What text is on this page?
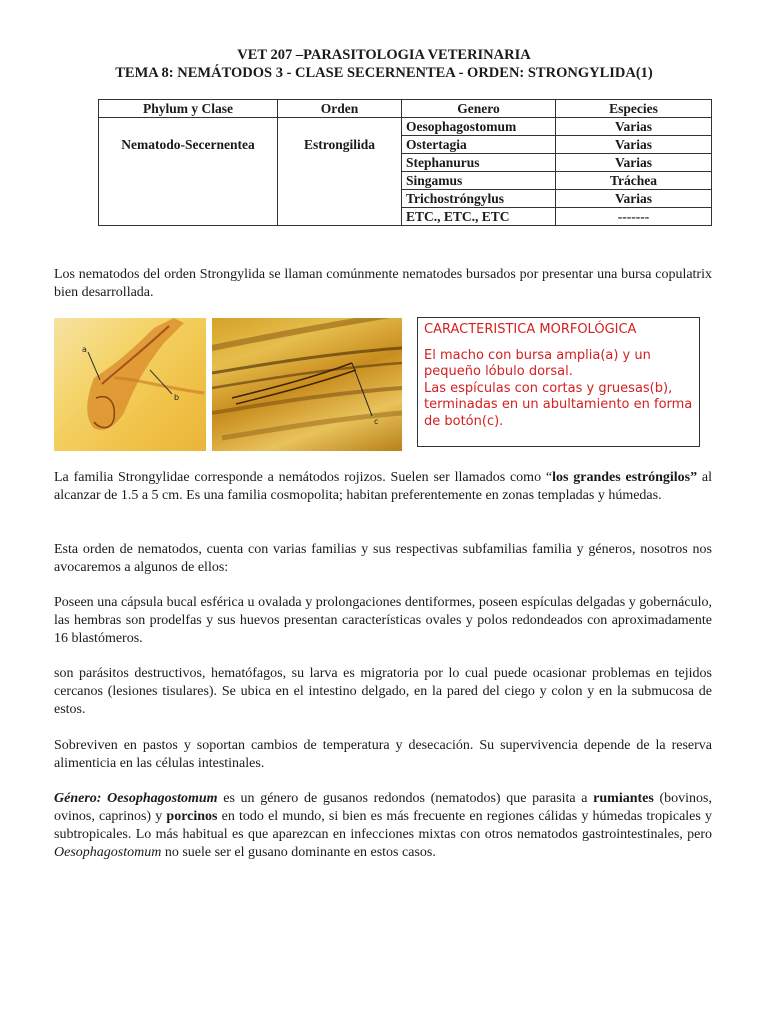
VET 207 –PARASITOLOGIA VETERINARIA
TEMA 8: NEMÁTODOS 3 - CLASE SECERNENTEA - ORDEN: STRONGYLIDA(1)
Phylum y Clase	Orden	Genero	Especies
Nematodo-Secernentea	Estrongilida	Oesophagostomum	Varias
		Ostertagia	Varias
		Stephanurus	Varias
		Singamus	Tráchea
		Trichostróngylus	Varias
		ETC., ETC., ETC	-------

Los nematodos del orden Strongylida se llaman comúnmente nematodes bursados por presentar una bursa copulatrix bien desarrollada.

a
b
c

CARACTERISTICA MORFOLÓGICA

El macho con bursa amplia(a) y un pequeño lóbulo dorsal.

Las espículas con cortas y gruesas(b), terminadas en un abultamiento en forma de botón(c).

La familia Strongylidae corresponde a nemátodos rojizos. Suelen ser llamados como “los grandes estróngilos” al alcanzar de 1.5 a 5 cm. Es una familia cosmopolita; habitan preferentemente en zonas templadas y húmedas.

Esta orden de nematodos, cuenta con varias familias y sus respectivas subfamilias familia y géneros, nosotros nos avocaremos a algunos de ellos:

Poseen una cápsula bucal esférica u ovalada y prolongaciones dentiformes, poseen espículas delgadas y gobernáculo, las hembras son prodelfas y sus huevos presentan características ovales y polos redondeados con aproximadamente 16 blastómeros.

son parásitos destructivos, hematófagos, su larva es migratoria por lo cual puede ocasionar problemas en tejidos cercanos (lesiones tisulares). Se ubica en el intestino delgado, en la pared del ciego y colon y en la submucosa de estos.

Sobreviven en pastos y soportan cambios de temperatura y desecación. Su supervivencia depende de la reserva alimenticia en las células intestinales.

Género: Oesophagostomum es un género de gusanos redondos (nematodos) que parasita a rumiantes (bovinos, ovinos, caprinos) y porcinos en todo el mundo, si bien es más frecuente en regiones cálidas y húmedas tropicales y subtropicales. Lo más habitual es que aparezcan en infecciones mixtas con otros nematodos gastrointestinales, pero Oesophagostomum no suele ser el gusano dominante en estos casos.
